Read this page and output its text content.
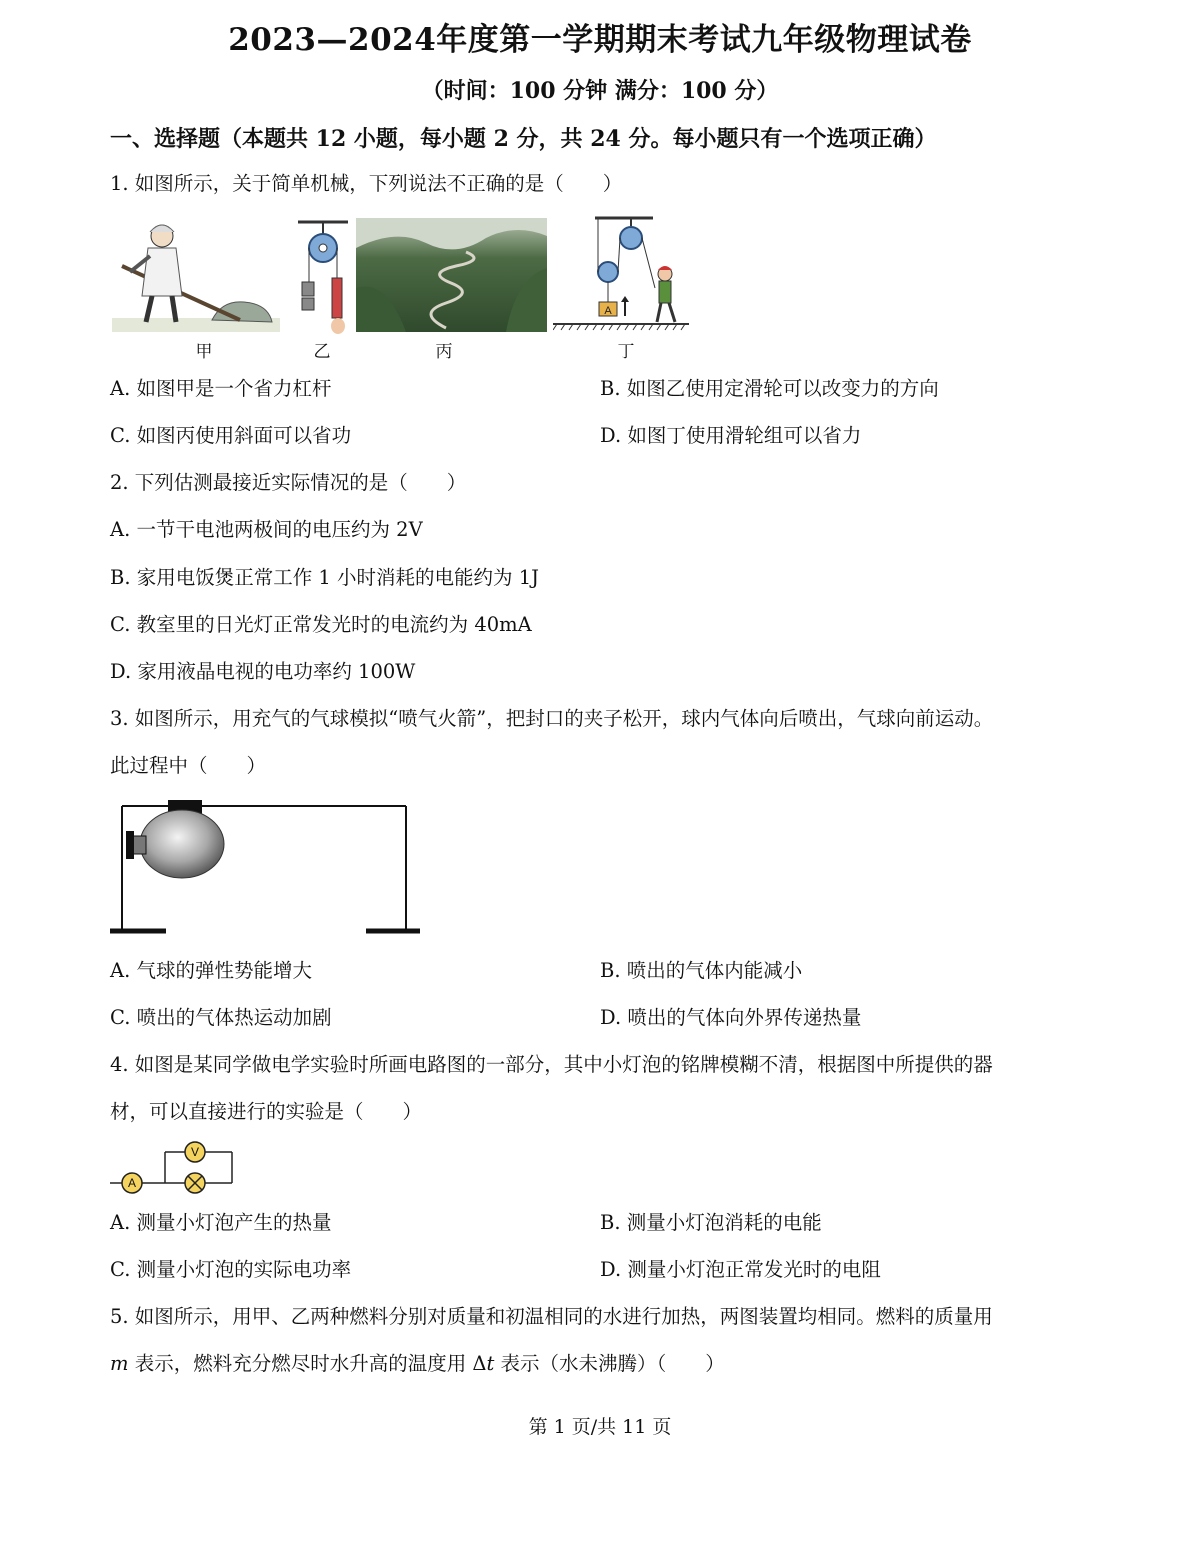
2023—2024年度第一学期期末考试九年级物理试卷
（时间：100 分钟 满分：100 分）
一、选择题（本题共 12 小题，每小题 2 分，共 24 分。每小题只有一个选项正确）
1. 如图所示，关于简单机械，下列说法不正确的是（　　）
A
甲	乙	丙	丁
A. 如图甲是一个省力杠杆	B. 如图乙使用定滑轮可以改变力的方向
C. 如图丙使用斜面可以省功	D. 如图丁使用滑轮组可以省力
2. 下列估测最接近实际情况的是（　　）
A. 一节干电池两极间的电压约为 2V
B. 家用电饭煲正常工作 1 小时消耗的电能约为 1J
C. 教室里的日光灯正常发光时的电流约为 40mA
D. 家用液晶电视的电功率约 100W
3. 如图所示，用充气的气球模拟“喷气火箭”，把封口的夹子松开，球内气体向后喷出，气球向前运动。
此过程中（　　）
A. 气球的弹性势能增大	B. 喷出的气体内能减小
C. 喷出的气体热运动加剧	D. 喷出的气体向外界传递热量
4. 如图是某同学做电学实验时所画电路图的一部分，其中小灯泡的铭牌模糊不清，根据图中所提供的器
材，可以直接进行的实验是（　　）
A
V
A. 测量小灯泡产生的热量	B. 测量小灯泡消耗的电能
C. 测量小灯泡的实际电功率	D. 测量小灯泡正常发光时的电阻
5. 如图所示，用甲、乙两种燃料分别对质量和初温相同的水进行加热，两图装置均相同。燃料的质量用
m 表示，燃料充分燃尽时水升高的温度用 Δt 表示（水未沸腾）（　　）
第 1 页/共 11 页
